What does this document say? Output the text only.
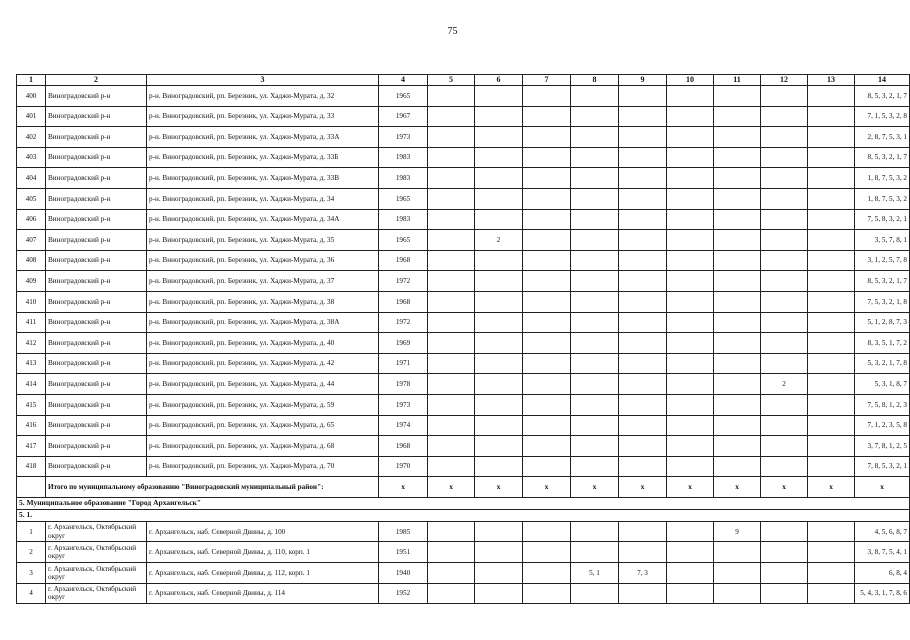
75
1	2	3	4	5	6	7	8	9	10	11	12	13	14
400	Виноградовский р-н	р-н. Виноградовский, рп. Березник, ул. Хаджи-Мурата, д. 32	1965										8, 5, 3, 2, 1, 7
401	Виноградовский р-н	р-н. Виноградовский, рп. Березник, ул. Хаджи-Мурата, д. 33	1967										7, 1, 5, 3, 2, 8
402	Виноградовский р-н	р-н. Виноградовский, рп. Березник, ул. Хаджи-Мурата, д. 33А	1973										2, 8, 7, 5, 3, 1
403	Виноградовский р-н	р-н. Виноградовский, рп. Березник, ул. Хаджи-Мурата, д. 33Б	1983										8, 5, 3, 2, 1, 7
404	Виноградовский р-н	р-н. Виноградовский, рп. Березник, ул. Хаджи-Мурата, д. 33В	1983										1, 8, 7, 5, 3, 2
405	Виноградовский р-н	р-н. Виноградовский, рп. Березник, ул. Хаджи-Мурата, д. 34	1965										1, 8, 7, 5, 3, 2
406	Виноградовский р-н	р-н. Виноградовский, рп. Березник, ул. Хаджи-Мурата, д. 34А	1983										7, 5, 8, 3, 2, 1
407	Виноградовский р-н	р-н. Виноградовский, рп. Березник, ул. Хаджи-Мурата, д. 35	1965		2								3, 5, 7, 8, 1
408	Виноградовский р-н	р-н. Виноградовский, рп. Березник, ул. Хаджи-Мурата, д. 36	1968										3, 1, 2, 5, 7, 8
409	Виноградовский р-н	р-н. Виноградовский, рп. Березник, ул. Хаджи-Мурата, д. 37	1972										8, 5, 3, 2, 1, 7
410	Виноградовский р-н	р-н. Виноградовский, рп. Березник, ул. Хаджи-Мурата, д. 38	1968										7, 5, 3, 2, 1, 8
411	Виноградовский р-н	р-н. Виноградовский, рп. Березник, ул. Хаджи-Мурата, д. 38А	1972										5, 1, 2, 8, 7, 3
412	Виноградовский р-н	р-н. Виноградовский, рп. Березник, ул. Хаджи-Мурата, д. 40	1969										8, 3, 5, 1, 7, 2
413	Виноградовский р-н	р-н. Виноградовский, рп. Березник, ул. Хаджи-Мурата, д. 42	1971										5, 3, 2, 1, 7, 8
414	Виноградовский р-н	р-н. Виноградовский, рп. Березник, ул. Хаджи-Мурата, д. 44	1978								2		5, 3, 1, 8, 7
415	Виноградовский р-н	р-н. Виноградовский, рп. Березник, ул. Хаджи-Мурата, д. 59	1973										7, 5, 8, 1, 2, 3
416	Виноградовский р-н	р-н. Виноградовский, рп. Березник, ул. Хаджи-Мурата, д. 65	1974										7, 1, 2, 3, 5, 8
417	Виноградовский р-н	р-н. Виноградовский, рп. Березник, ул. Хаджи-Мурата, д. 68	1968										3, 7, 8, 1, 2, 5
418	Виноградовский р-н	р-н. Виноградовский, рп. Березник, ул. Хаджи-Мурата, д. 70	1970										7, 8, 5, 3, 2, 1
	Итого по муниципальному образованию "Виноградовский муниципальный район":		x	x	x	x	x	x	x	x	x	x	x
5. Муниципальное образование "Город Архангельск"													
5. 1.													
1	г. Архангельск, Октябрьский округ	г. Архангельск, наб. Северной Двины, д. 100	1985							9			4, 5, 6, 8, 7
2	г. Архангельск, Октябрьский округ	г. Архангельск, наб. Северной Двины, д. 110, корп. 1	1951										3, 8, 7, 5, 4, 1
3	г. Архангельск, Октябрьский округ	г. Архангельск, наб. Северной Двины, д. 112, корп. 1	1940				5, 1	7, 3					6, 8, 4
4	г. Архангельск, Октябрьский округ	г. Архангельск, наб. Северной Двины, д. 114	1952										5, 4, 3, 1, 7, 8, 6
